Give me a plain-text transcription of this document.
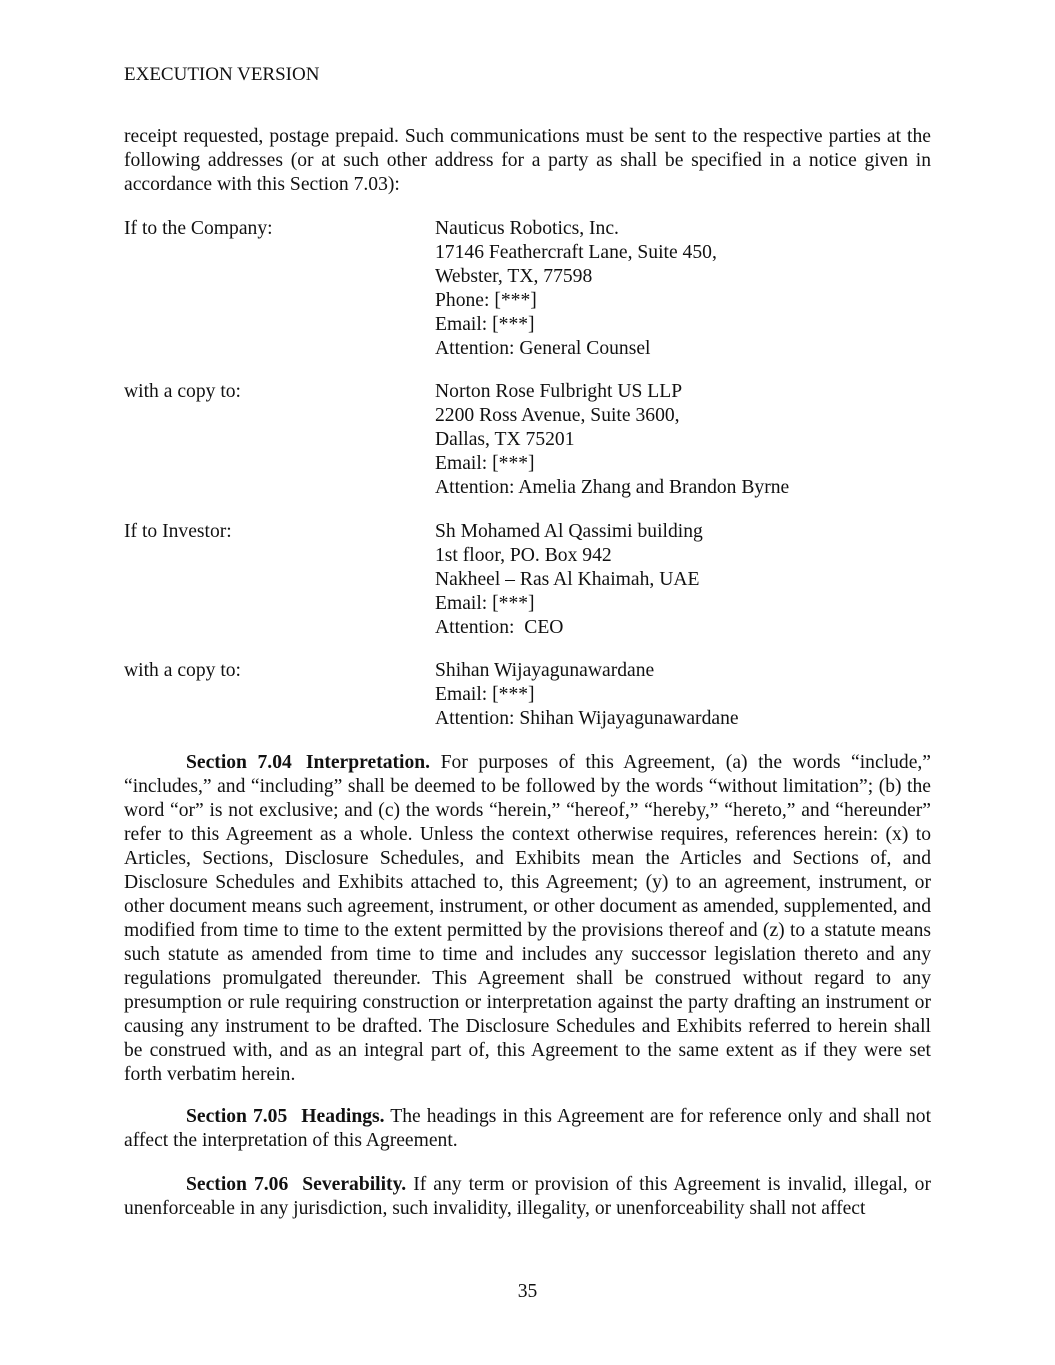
EXECUTION VERSION

receipt requested, postage prepaid. Such communications must be sent to the respective parties at the following addresses (or at such other address for a party as shall be specified in a notice given in accordance with this Section 7.03):

If to the Company:	Nauticus Robotics, Inc.
17146 Feathercraft Lane, Suite 450,
Webster, TX, 77598
Phone: [***]
Email: [***]
Attention: General Counsel
with a copy to:	Norton Rose Fulbright US LLP
2200 Ross Avenue, Suite 3600,
Dallas, TX 75201
Email: [***]
Attention: Amelia Zhang and Brandon Byrne
If to Investor:	Sh Mohamed Al Qassimi building
1st floor, PO. Box 942
Nakheel – Ras Al Khaimah, UAE
Email: [***]
Attention:  CEO
with a copy to:	Shihan Wijayagunawardane
Email: [***]
Attention: Shihan Wijayagunawardane

Section 7.04 Interpretation. For purposes of this Agreement, (a) the words “include,” “includes,” and “including” shall be deemed to be followed by the words “without limitation”; (b) the word “or” is not exclusive; and (c) the words “herein,” “hereof,” “hereby,” “hereto,” and “hereunder” refer to this Agreement as a whole. Unless the context otherwise requires, references herein: (x) to Articles, Sections, Disclosure Schedules, and Exhibits mean the Articles and Sections of, and Disclosure Schedules and Exhibits attached to, this Agreement; (y) to an agreement, instrument, or other document means such agreement, instrument, or other document as amended, supplemented, and modified from time to time to the extent permitted by the provisions thereof and (z) to a statute means such statute as amended from time to time and includes any successor legislation thereto and any regulations promulgated thereunder. This Agreement shall be construed without regard to any presumption or rule requiring construction or interpretation against the party drafting an instrument or causing any instrument to be drafted. The Disclosure Schedules and Exhibits referred to herein shall be construed with, and as an integral part of, this Agreement to the same extent as if they were set forth verbatim herein.

Section 7.05 Headings. The headings in this Agreement are for reference only and shall not affect the interpretation of this Agreement.

Section 7.06 Severability. If any term or provision of this Agreement is invalid, illegal, or unenforceable in any jurisdiction, such invalidity, illegality, or unenforceability shall not affect

35
